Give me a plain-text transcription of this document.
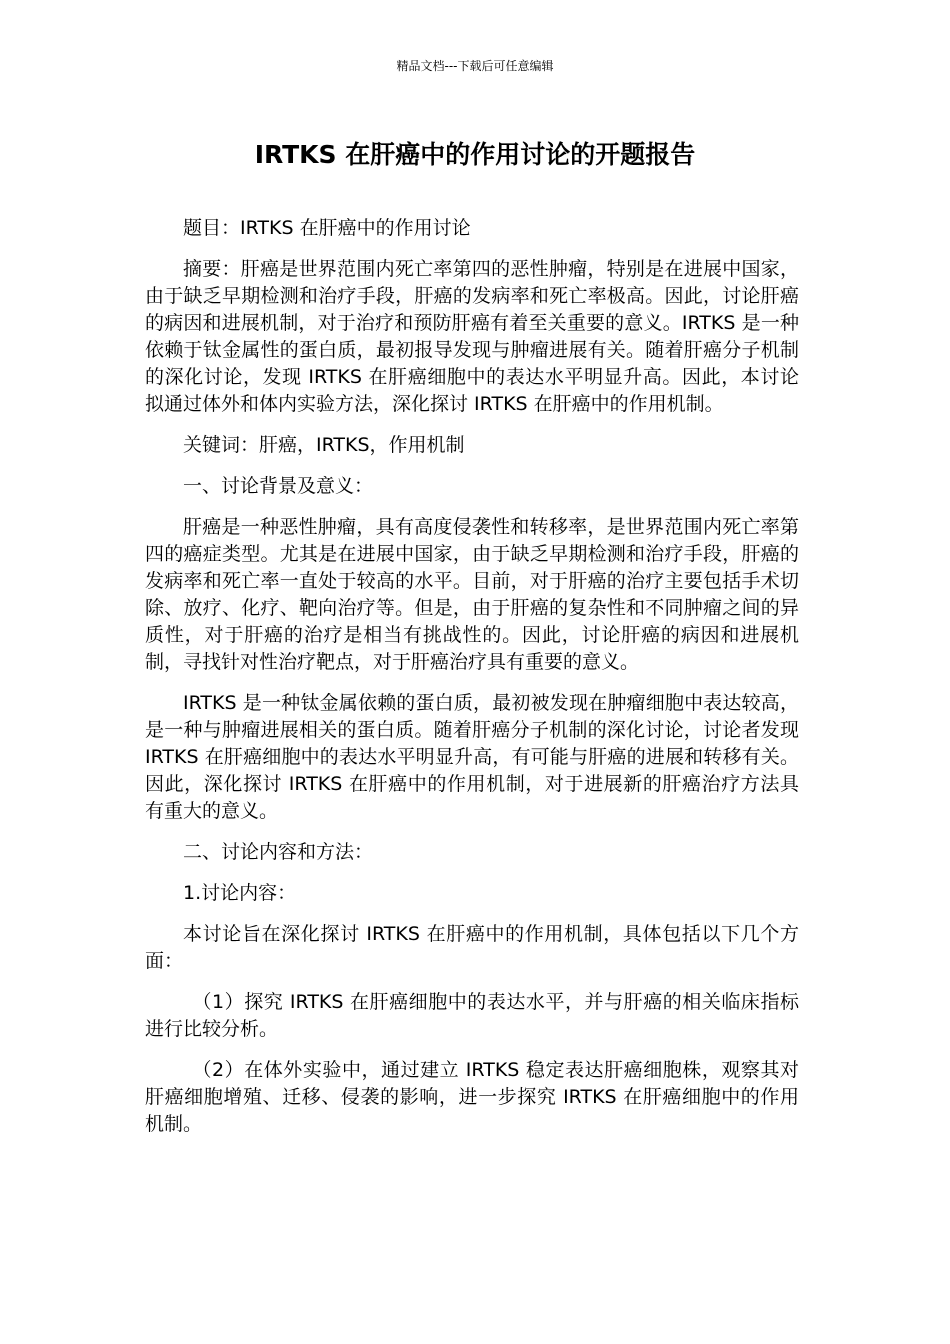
精品文档---下载后可任意编辑
IRTKS 在肝癌中的作用讨论的开题报告

题目：IRTKS 在肝癌中的作用讨论

摘要：肝癌是世界范围内死亡率第四的恶性肿瘤，特别是在进展中国家，由于缺乏早期检测和治疗手段，肝癌的发病率和死亡率极高。因此，讨论肝癌的病因和进展机制，对于治疗和预防肝癌有着至关重要的意义。IRTKS 是一种依赖于钛金属性的蛋白质，最初报导发现与肿瘤进展有关。随着肝癌分子机制的深化讨论，发现 IRTKS 在肝癌细胞中的表达水平明显升高。因此，本讨论拟通过体外和体内实验方法，深化探讨 IRTKS 在肝癌中的作用机制。

关键词：肝癌，IRTKS，作用机制

一、讨论背景及意义：

肝癌是一种恶性肿瘤，具有高度侵袭性和转移率，是世界范围内死亡率第四的癌症类型。尤其是在进展中国家，由于缺乏早期检测和治疗手段，肝癌的发病率和死亡率一直处于较高的水平。目前，对于肝癌的治疗主要包括手术切除、放疗、化疗、靶向治疗等。但是，由于肝癌的复杂性和不同肿瘤之间的异质性，对于肝癌的治疗是相当有挑战性的。因此，讨论肝癌的病因和进展机制，寻找针对性治疗靶点，对于肝癌治疗具有重要的意义。

IRTKS 是一种钛金属依赖的蛋白质，最初被发现在肿瘤细胞中表达较高，是一种与肿瘤进展相关的蛋白质。随着肝癌分子机制的深化讨论，讨论者发现 IRTKS 在肝癌细胞中的表达水平明显升高，有可能与肝癌的进展和转移有关。因此，深化探讨 IRTKS 在肝癌中的作用机制，对于进展新的肝癌治疗方法具有重大的意义。

二、讨论内容和方法：

1.讨论内容：

本讨论旨在深化探讨 IRTKS 在肝癌中的作用机制，具体包括以下几个方面：

（1）探究 IRTKS 在肝癌细胞中的表达水平，并与肝癌的相关临床指标进行比较分析。

（2）在体外实验中，通过建立 IRTKS 稳定表达肝癌细胞株，观察其对肝癌细胞增殖、迁移、侵袭的影响，进一步探究 IRTKS 在肝癌细胞中的作用机制。
